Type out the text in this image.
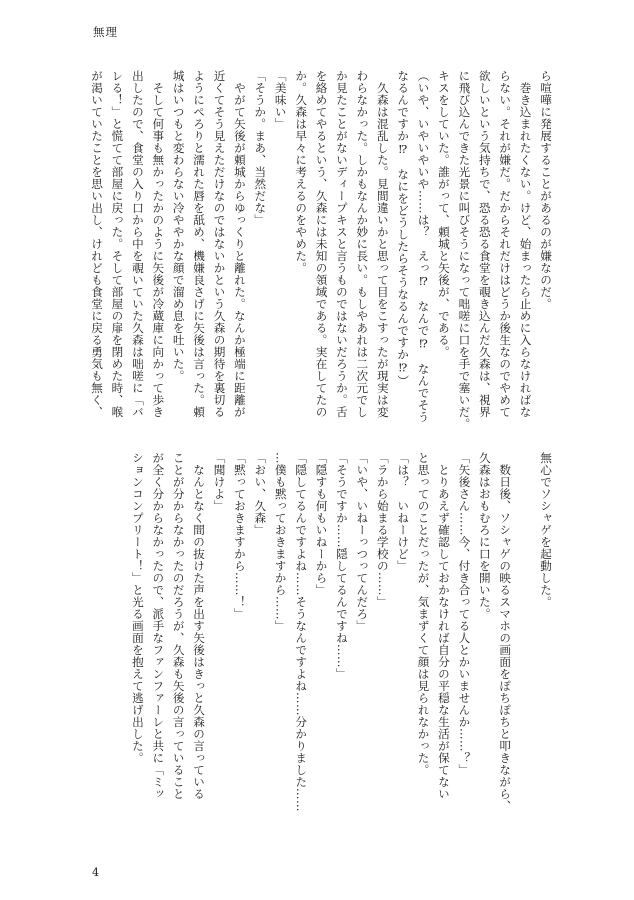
無理
ら喧嘩に発展することがあるのが嫌なのだ。
　巻き込まれたくない。けど、始まったら止めに入らなければな
らない。それが嫌だ。だからそれだけはどうか後生なのでやめて
欲しいという気持ちで、恐る恐る食堂を覗き込んだ久森は、視界
に飛び込んできた光景に叫びそうになって咄嗟に口を手で塞いだ。
キスをしていた。誰がって、頼城と矢後が、である。
（いや、いやいやいや……は？　えっ⁉　なんで⁉　なんでそう
なるんですか⁉　なにをどうしたらそうなるんですか⁉）
　久森は混乱した。見間違いかと思って目をこすったが現実は変
わらなかった。しかもなんか妙に長い。もしやあれは二次元でし
か見たことがないディープキスと言うものではないだろうか。舌
を絡めてやるという、久森には未知の領域である。実在してたの
か。久森は早々に考えるのをやめた。
「美味い」
「そうか。まあ、当然だな」
　やがて矢後が頼城からゆっくりと離れた。なんか極端に距離が
近くてそう見えただけなのではないかという久森の期待を裏切る
ようにぺろりと濡れた唇を舐め、機嫌良さげに矢後は言った。頼
城はいつもと変わらない冷ややかな顔で溜め息を吐いた。
　そして何事も無かったかのように矢後が冷蔵庫に向かって歩き
出したので、食堂の入り口から中を覗いていた久森は咄嗟に「バ
レる！」と慌てて部屋に戻った。そして部屋の扉を閉めた時、喉
が渇いていたことを思い出し、けれども食堂に戻る勇気も無く、
無心でソシャゲを起動した。

　数日後、ソシャゲの映るスマホの画面をぽちぽちと叩きながら、
久森はおもむろに口を開いた。
「矢後さん……今、付き合ってる人とかいませんか……？」
　とりあえず確認しておかなければ自分の平穏な生活が保てない
と思ってのことだったが、気まずくて顔は見られなかった。
「は？　いねーけど」
「ラから始まる学校の……」
「いや、いねーっつってんだろ」
「そうですか……隠してるんですね……」
「隠すも何もいねーから」
「隠してるんですよね……そうなんですよね……分かりました……
…僕も黙っておきますから……」
「おい、久森」
「黙っておきますから……！」
「聞けよ」
　なんとなく間の抜けた声を出す矢後はきっと久森の言っている
ことが分からなかったのだろうが、久森も矢後の言っていること
が全く分からなかったので、派手なファンファーレと共に「ミッ
ションコンプリート！」と光る画面を抱えて逃げ出した。
4
